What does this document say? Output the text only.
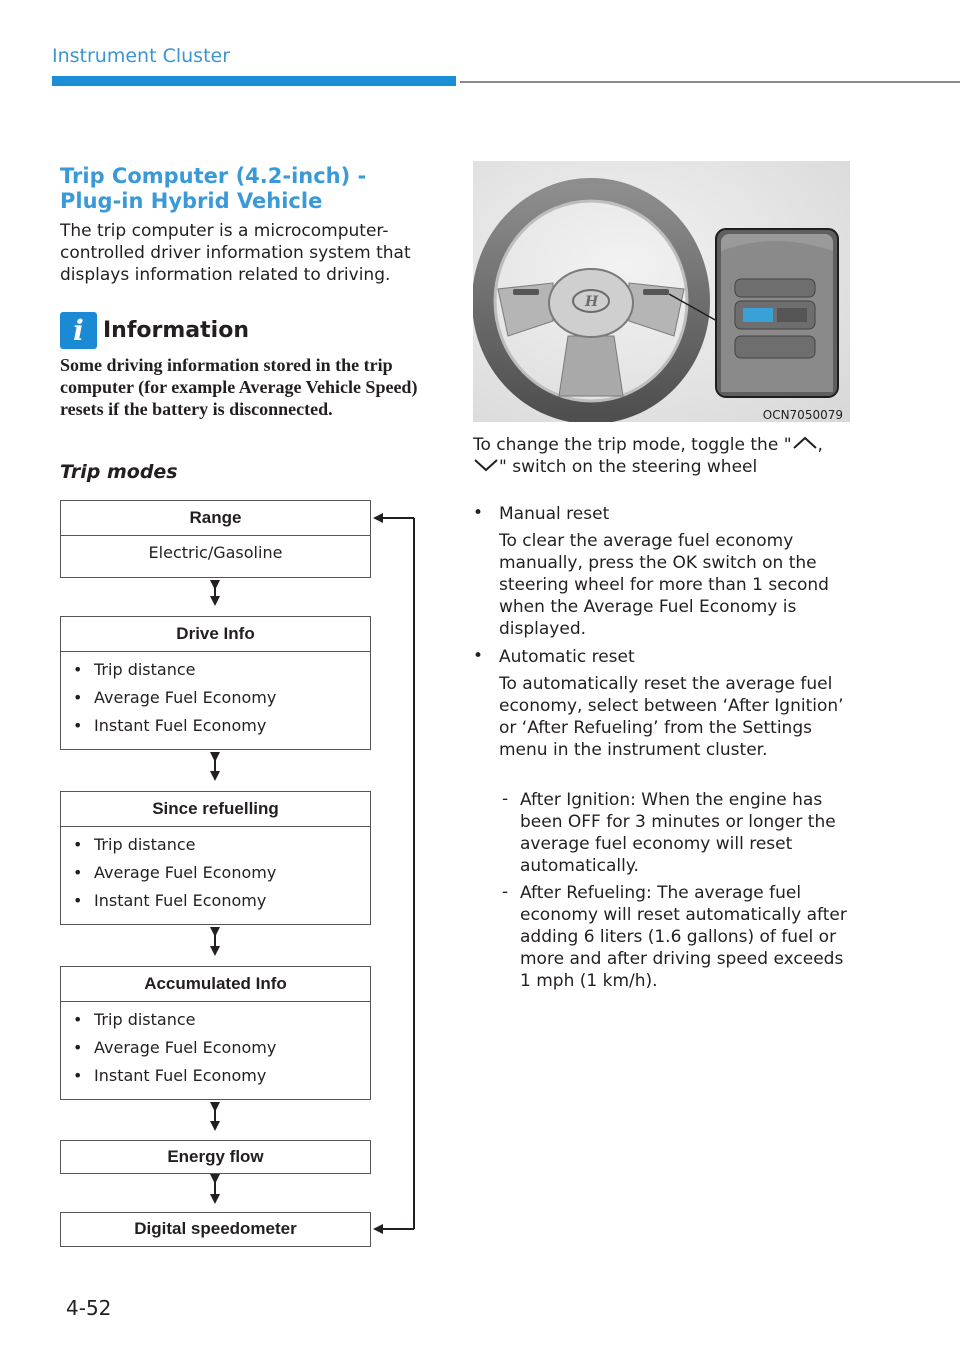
Instrument Cluster
Trip Computer (4.2-inch) - Plug-in Hybrid Vehicle
The trip computer is a microcomputer-controlled driver information system that displays information related to driving.
i Information
Some driving information stored in the trip computer (for example Average Vehicle Speed) resets if the battery is disconnected.
Trip modes
Range
Electric/Gasoline
Drive Info
• Trip distance
• Average Fuel Economy
• Instant Fuel Economy
Since refuelling
• Trip distance
• Average Fuel Economy
• Instant Fuel Economy
Accumulated Info
• Trip distance
• Average Fuel Economy
• Instant Fuel Economy
Energy flow
Digital speedometer
H
OCN7050079
To change the trip mode, toggle the " , " switch on the steering wheel
• Manual reset
To clear the average fuel economy manually, press the OK switch on the steering wheel for more than 1 second when the Average Fuel Economy is displayed.
• Automatic reset
To automatically reset the average fuel economy, select between ‘After Ignition’ or ‘After Refueling’ from the Settings menu in the instrument cluster.
- After Ignition: When the engine has been OFF for 3 minutes or longer the average fuel economy will reset automatically.
- After Refueling: The average fuel economy will reset automatically after adding 6 liters (1.6 gallons) of fuel or more and after driving speed exceeds 1 mph (1 km/h).
4-52
